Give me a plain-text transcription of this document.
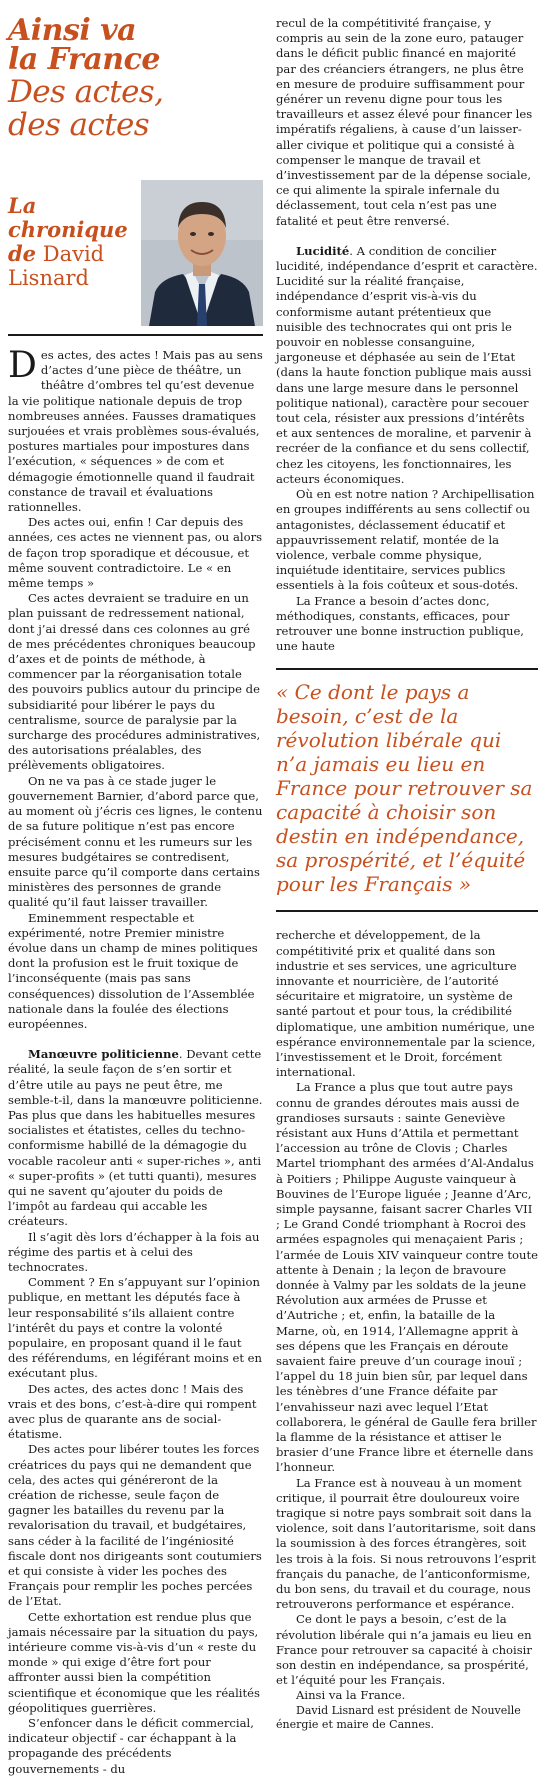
Ainsi va
la France
Des actes,
des actes
La chronique
de David
Lisnard

Des actes, des actes ! Mais pas au sens d’actes d’une pièce de théâtre, un théâtre d’ombres tel qu’est devenue la vie politique nationale depuis de trop nombreuses années. Fausses dramatiques surjouées et vrais problèmes sous-évalués, postures martiales pour impostures dans l’exécution, « séquences » de com et démagogie émotionnelle quand il faudrait constance de travail et évaluations rationnelles.

Des actes oui, enfin ! Car depuis des années, ces actes ne viennent pas, ou alors de façon trop sporadique et décousue, et même souvent contradictoire. Le « en même temps »

Ces actes devraient se traduire en un plan puissant de redressement national, dont j’ai dressé dans ces colonnes au gré de mes précédentes chroniques beaucoup d’axes et de points de méthode, à commencer par la réorganisation totale des pouvoirs publics autour du principe de subsidiarité pour libérer le pays du centralisme, source de paralysie par la surcharge des procédures administratives, des autorisations préalables, des prélèvements obligatoires.

On ne va pas à ce stade juger le gouvernement Barnier, d’abord parce que, au moment où j’écris ces lignes, le contenu de sa future politique n’est pas encore précisément connu et les rumeurs sur les mesures budgétaires se contredisent, ensuite parce qu’il comporte dans certains ministères des personnes de grande qualité qu’il faut laisser travailler.

Eminemment respectable et expérimenté, notre Premier ministre évolue dans un champ de mines politiques dont la profusion est le fruit toxique de l’inconséquente (mais pas sans conséquences) dissolution de l’Assemblée nationale dans la foulée des élections européennes.

Manœuvre politicienne. Devant cette réalité, la seule façon de s’en sortir et d’être utile au pays ne peut être, me semble-t-il, dans la manœuvre politicienne. Pas plus que dans les habituelles mesures socialistes et étatistes, celles du techno-conformisme habillé de la démagogie du vocable racoleur anti « super-riches », anti « super-profits » (et tutti quanti), mesures qui ne savent qu’ajouter du poids de l’impôt au fardeau qui accable les créateurs.

Il s’agit dès lors d’échapper à la fois au régime des partis et à celui des technocrates.

Comment ? En s’appuyant sur l’opinion publique, en mettant les députés face à leur responsabilité s’ils allaient contre l’intérêt du pays et contre la volonté populaire, en proposant quand il le faut des référendums, en légiférant moins et en exécutant plus.

Des actes, des actes donc ! Mais des vrais et des bons, c’est-à-dire qui rompent avec plus de quarante ans de social-étatisme.

Des actes pour libérer toutes les forces créatrices du pays qui ne demandent que cela, des actes qui généreront de la création de richesse, seule façon de gagner les batailles du revenu par la revalorisation du travail, et budgétaires, sans céder à la facilité de l’ingéniosité fiscale dont nos dirigeants sont coutumiers et qui consiste à vider les poches des Français pour remplir les poches percées de l’Etat.

Cette exhortation est rendue plus que jamais nécessaire par la situation du pays, intérieure comme vis-à-vis d’un « reste du monde » qui exige d’être fort pour affronter aussi bien la compétition scientifique et économique que les réalités géopolitiques guerrières.

S’enfoncer dans le déficit commercial, indicateur objectif - car échappant à la propagande des précédents gouvernements - du

recul de la compétitivité française, y compris au sein de la zone euro, patauger dans le déficit public financé en majorité par des créanciers étrangers, ne plus être en mesure de produire suffisamment pour générer un revenu digne pour tous les travailleurs et assez élevé pour financer les impératifs régaliens, à cause d’un laisser-aller civique et politique qui a consisté à compenser le manque de travail et d’investissement par de la dépense sociale, ce qui alimente la spirale infernale du déclassement, tout cela n’est pas une fatalité et peut être renversé.

Lucidité. A condition de concilier lucidité, indépendance d’esprit et caractère. Lucidité sur la réalité française, indépendance d’esprit vis-à-vis du conformisme autant prétentieux que nuisible des technocrates qui ont pris le pouvoir en noblesse consanguine, jargoneuse et déphasée au sein de l’Etat (dans la haute fonction publique mais aussi dans une large mesure dans le personnel politique national), caractère pour secouer tout cela, résister aux pressions d’intérêts et aux sentences de moraline, et parvenir à recréer de la confiance et du sens collectif, chez les citoyens, les fonctionnaires, les acteurs économiques.

Où en est notre nation ? Archipellisation en groupes indifférents au sens collectif ou antagonistes, déclassement éducatif et appauvrissement relatif, montée de la violence, verbale comme physique, inquiétude identitaire, services publics essentiels à la fois coûteux et sous-dotés.

La France a besoin d’actes donc, méthodiques, constants, efficaces, pour retrouver une bonne instruction publique, une haute

« Ce dont le pays a besoin, c’est de la révolution libérale qui n’a jamais eu lieu en France pour retrouver sa capacité à choisir son destin en indépendance, sa prospérité, et l’équité pour les Français »

recherche et développement, de la compétitivité prix et qualité dans son industrie et ses services, une agriculture innovante et nourricière, de l’autorité sécuritaire et migratoire, un système de santé partout et pour tous, la crédibilité diplomatique, une ambition numérique, une espérance environnementale par la science, l’investissement et le Droit, forcément international.

La France a plus que tout autre pays connu de grandes déroutes mais aussi de grandioses sursauts : sainte Geneviève résistant aux Huns d’Attila et permettant l’accession au trône de Clovis ; Charles Martel triomphant des armées d’Al-Andalus à Poitiers ; Philippe Auguste vainqueur à Bouvines de l’Europe liguée ; Jeanne d’Arc, simple paysanne, faisant sacrer Charles VII ; Le Grand Condé triomphant à Rocroi des armées espagnoles qui menaçaient Paris ; l’armée de Louis XIV vainqueur contre toute attente à Denain ; la leçon de bravoure donnée à Valmy par les soldats de la jeune Révolution aux armées de Prusse et d’Autriche ; et, enfin, la bataille de la Marne, où, en 1914, l’Allemagne apprit à ses dépens que les Français en déroute savaient faire preuve d’un courage inouï ; l’appel du 18 juin bien sûr, par lequel dans les ténèbres d’une France défaite par l’envahisseur nazi avec lequel l’Etat collaborera, le général de Gaulle fera briller la flamme de la résistance et attiser le brasier d’une France libre et éternelle dans l’honneur.

La France est à nouveau à un moment critique, il pourrait être douloureux voire tragique si notre pays sombrait soit dans la violence, soit dans l’autoritarisme, soit dans la soumission à des forces étrangères, soit les trois à la fois. Si nous retrouvons l’esprit français du panache, de l’anticonformisme, du bon sens, du travail et du courage, nous retrouverons performance et espérance.

Ce dont le pays a besoin, c’est de la révolution libérale qui n’a jamais eu lieu en France pour retrouver sa capacité à choisir son destin en indépendance, sa prospérité, et l’équité pour les Français.

Ainsi va la France.

David Lisnard est président de Nouvelle énergie et maire de Cannes.
